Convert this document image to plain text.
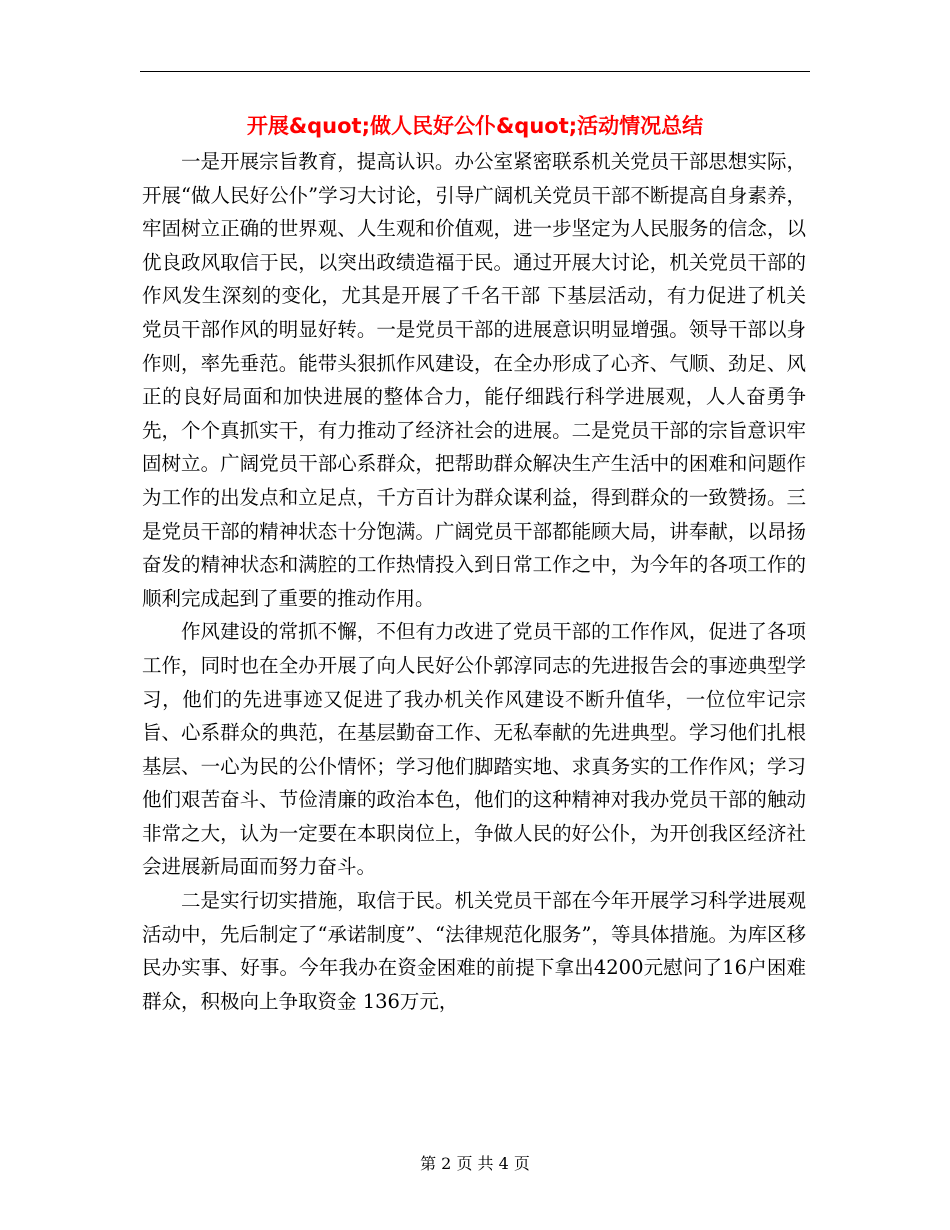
开展&quot;做人民好公仆&quot;活动情况总结

一是开展宗旨教育，提高认识。办公室紧密联系机关党员干部思想实际，开展“做人民好公仆”学习大讨论，引导广阔机关党员干部不断提高自身素养，牢固树立正确的世界观、人生观和价值观，进一步坚定为人民服务的信念，以优良政风取信于民，以突出政绩造福于民。通过开展大讨论，机关党员干部的作风发生深刻的变化，尤其是开展了千名干部 下基层活动，有力促进了机关党员干部作风的明显好转。一是党员干部的进展意识明显增强。领导干部以身作则，率先垂范。能带头狠抓作风建设，在全办形成了心齐、气顺、劲足、风正的良好局面和加快进展的整体合力，能仔细践行科学进展观，人人奋勇争先，个个真抓实干，有力推动了经济社会的进展。二是党员干部的宗旨意识牢固树立。广阔党员干部心系群众，把帮助群众解决生产生活中的困难和问题作为工作的出发点和立足点，千方百计为群众谋利益，得到群众的一致赞扬。三是党员干部的精神状态十分饱满。广阔党员干部都能顾大局，讲奉献，以昂扬奋发的精神状态和满腔的工作热情投入到日常工作之中，为今年的各项工作的顺利完成起到了重要的推动作用。

作风建设的常抓不懈，不但有力改进了党员干部的工作作风，促进了各项工作，同时也在全办开展了向人民好公仆郭淳同志的先进报告会的事迹典型学习，他们的先进事迹又促进了我办机关作风建设不断升值华，一位位牢记宗旨、心系群众的典范，在基层勤奋工作、无私奉献的先进典型。学习他们扎根基层、一心为民的公仆情怀；学习他们脚踏实地、求真务实的工作作风；学习他们艰苦奋斗、节俭清廉的政治本色，他们的这种精神对我办党员干部的触动非常之大，认为一定要在本职岗位上，争做人民的好公仆，为开创我区经济社会进展新局面而努力奋斗。

二是实行切实措施，取信于民。机关党员干部在今年开展学习科学进展观活动中，先后制定了“承诺制度”、“法律规范化服务”，等具体措施。为库区移民办实事、好事。今年我办在资金困难的前提下拿出4200元慰问了16户困难群众，积极向上争取资金 136万元，

第 2 页 共 4 页
